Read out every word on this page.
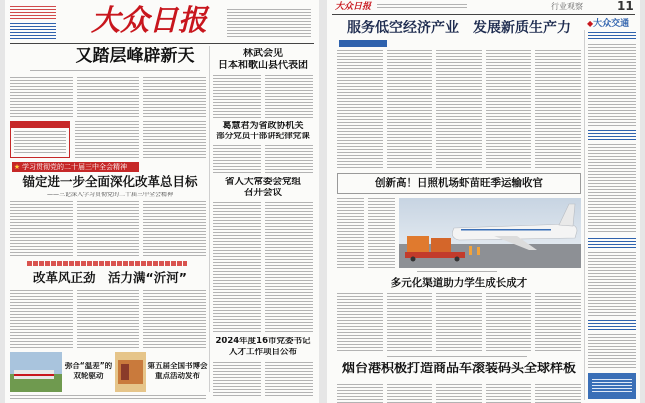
大众日报
又踏层峰辟新天	林武会见
日本和歌山县代表团
葛慧君为省政协机关
部分党员干部讲纪律党课
省人大常委会党组
召开会议
2024年度16市党委书记
人才工作项目公布
★ 学习贯彻党的二十届三中全会精神
锚定进一步全面深化改革总目标
——三论深入学习贯彻党的二十届三中全会精神
改革风正劲　活力满“沂河”
弥合“温差”的
双轮驱动
第五届全国书博会
重点活动发布
大众日报	行业观察	11
◆大众交通
服务低空经济产业　发展新质生产力
创新高！日照机场虾苗旺季运输收官
多元化渠道助力学生成长成才
烟台港积极打造商品车滚装码头全球样板
